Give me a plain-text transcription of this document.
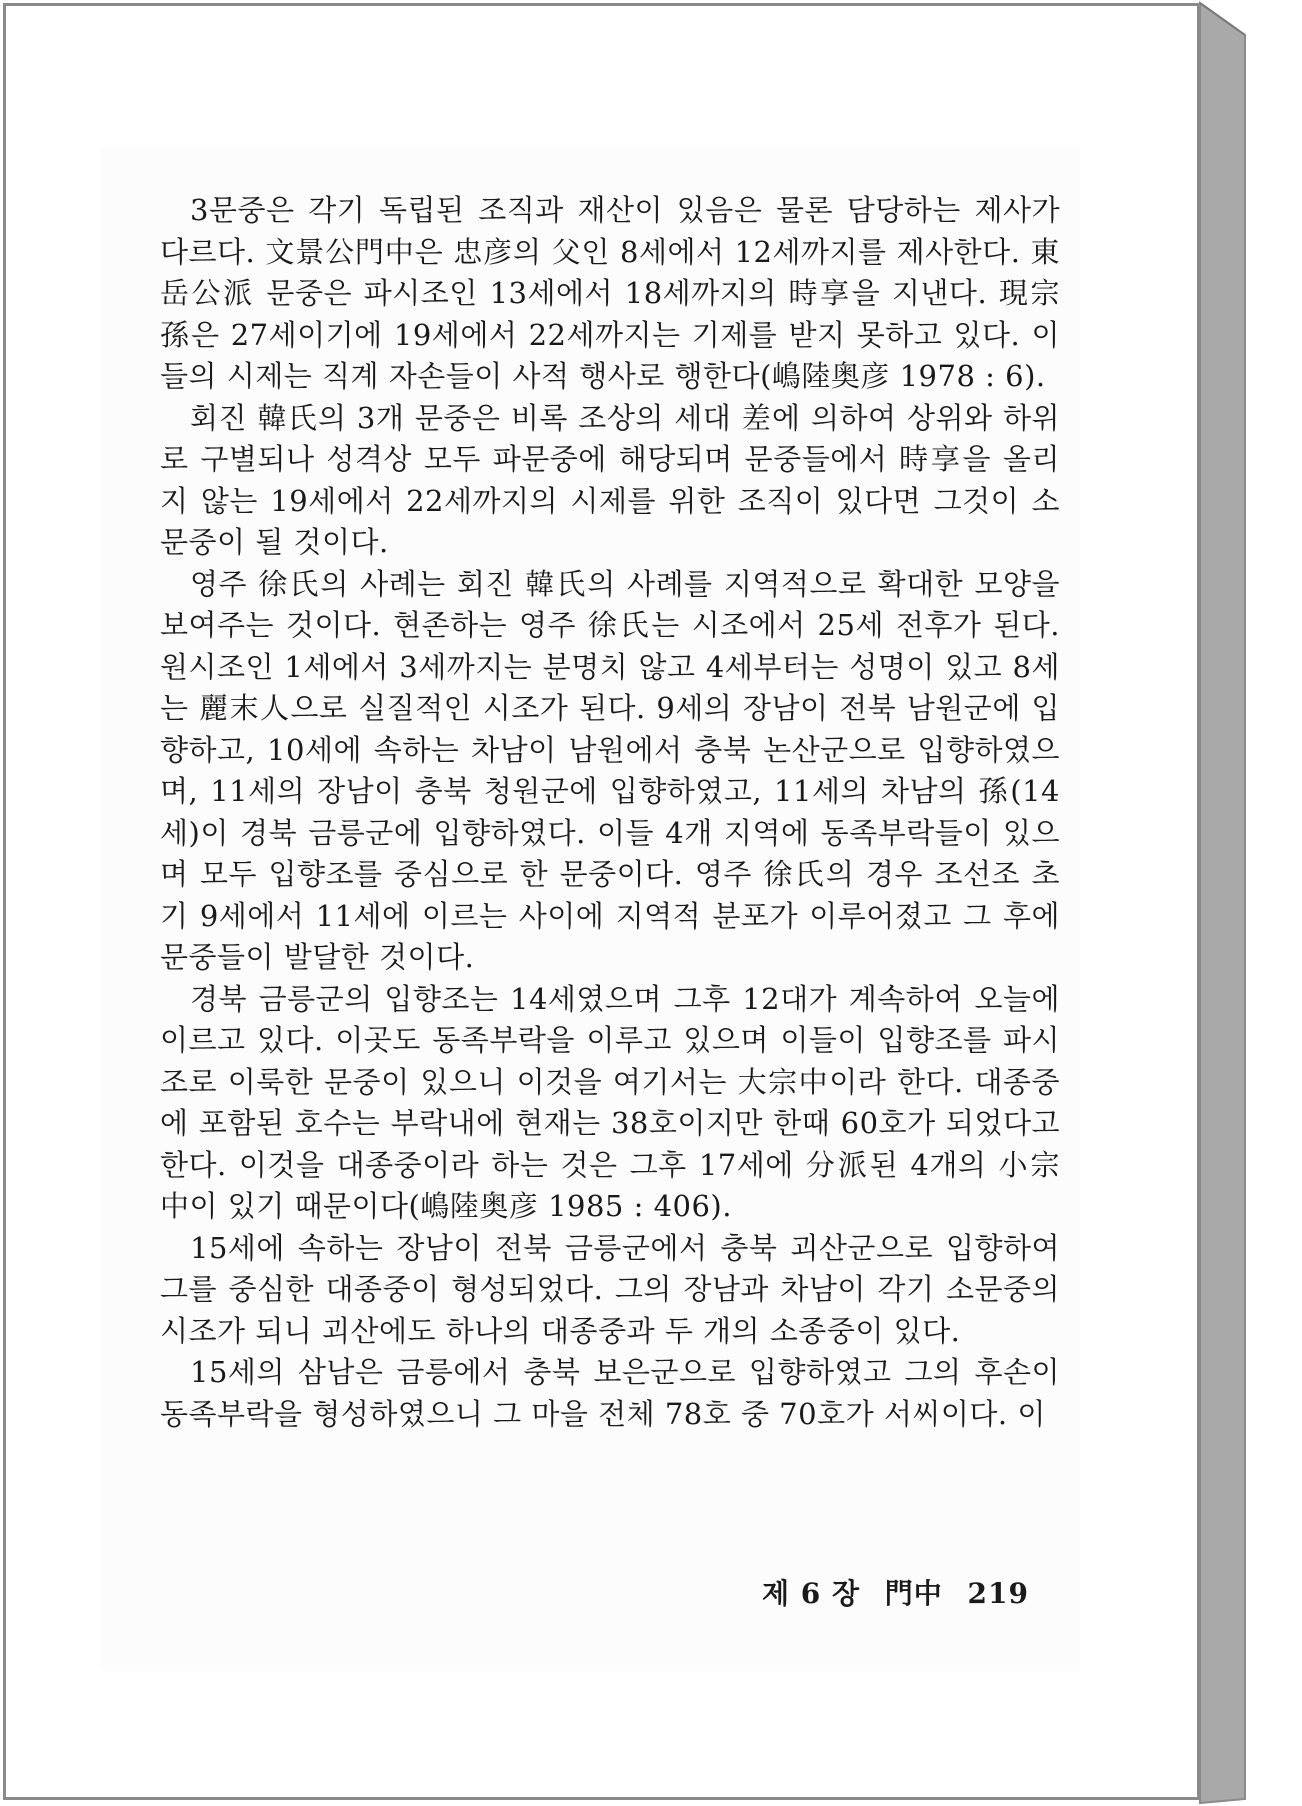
3문중은 각기 독립된 조직과 재산이 있음은 물론 담당하는 제사가 다르다. 文景公門中은 忠彦의 父인 8세에서 12세까지를 제사한다. 東岳公派 문중은 파시조인 13세에서 18세까지의 時享을 지낸다. 現宗孫은 27세이기에 19세에서 22세까지는 기제를 받지 못하고 있다. 이들의 시제는 직계 자손들이 사적 행사로 행한다(嶋陸奥彦 1978 : 6).

회진 韓氏의 3개 문중은 비록 조상의 세대 差에 의하여 상위와 하위로 구별되나 성격상 모두 파문중에 해당되며 문중들에서 時享을 올리지 않는 19세에서 22세까지의 시제를 위한 조직이 있다면 그것이 소문중이 될 것이다.

영주 徐氏의 사례는 회진 韓氏의 사례를 지역적으로 확대한 모양을 보여주는 것이다. 현존하는 영주 徐氏는 시조에서 25세 전후가 된다. 원시조인 1세에서 3세까지는 분명치 않고 4세부터는 성명이 있고 8세는 麗末人으로 실질적인 시조가 된다. 9세의 장남이 전북 남원군에 입향하고, 10세에 속하는 차남이 남원에서 충북 논산군으로 입향하였으며, 11세의 장남이 충북 청원군에 입향하였고, 11세의 차남의 孫(14세)이 경북 금릉군에 입향하였다. 이들 4개 지역에 동족부락들이 있으며 모두 입향조를 중심으로 한 문중이다. 영주 徐氏의 경우 조선조 초기 9세에서 11세에 이르는 사이에 지역적 분포가 이루어졌고 그 후에 문중들이 발달한 것이다.

경북 금릉군의 입향조는 14세였으며 그후 12대가 계속하여 오늘에 이르고 있다. 이곳도 동족부락을 이루고 있으며 이들이 입향조를 파시조로 이룩한 문중이 있으니 이것을 여기서는 大宗中이라 한다. 대종중에 포함된 호수는 부락내에 현재는 38호이지만 한때 60호가 되었다고 한다. 이것을 대종중이라 하는 것은 그후 17세에 分派된 4개의 小宗中이 있기 때문이다(嶋陸奥彦 1985 : 406).

15세에 속하는 장남이 전북 금릉군에서 충북 괴산군으로 입향하여 그를 중심한 대종중이 형성되었다. 그의 장남과 차남이 각기 소문중의 시조가 되니 괴산에도 하나의 대종중과 두 개의 소종중이 있다.

15세의 삼남은 금릉에서 충북 보은군으로 입향하였고 그의 후손이 동족부락을 형성하였으니 그 마을 전체 78호 중 70호가 서씨이다. 이

제 6 장 門中 219
